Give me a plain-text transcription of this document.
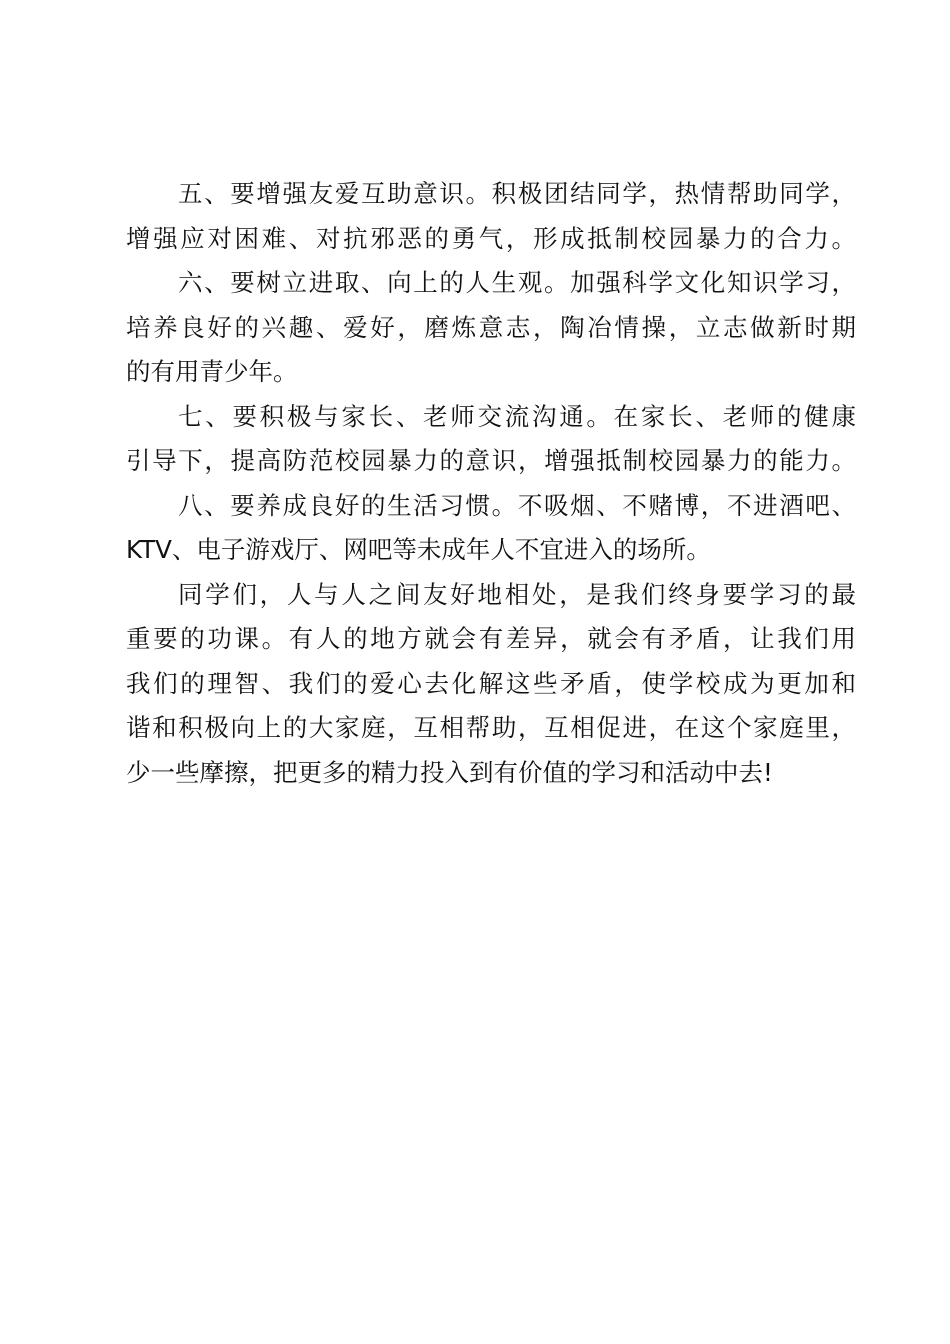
五、要增强友爱互助意识。积极团结同学，热情帮助同学，
增强应对困难、对抗邪恶的勇气，形成抵制校园暴力的合力。
六、要树立进取、向上的人生观。加强科学文化知识学习，
培养良好的兴趣、爱好，磨炼意志，陶冶情操，立志做新时期
的有用青少年。
七、要积极与家长、老师交流沟通。在家长、老师的健康
引导下，提高防范校园暴力的意识，增强抵制校园暴力的能力。
八、要养成良好的生活习惯。不吸烟、不赌博，不进酒吧、
KTV、电子游戏厅、网吧等未成年人不宜进入的场所。
同学们，人与人之间友好地相处，是我们终身要学习的最
重要的功课。有人的地方就会有差异，就会有矛盾，让我们用
我们的理智、我们的爱心去化解这些矛盾，使学校成为更加和
谐和积极向上的大家庭，互相帮助，互相促进，在这个家庭里，
少一些摩擦，把更多的精力投入到有价值的学习和活动中去!
